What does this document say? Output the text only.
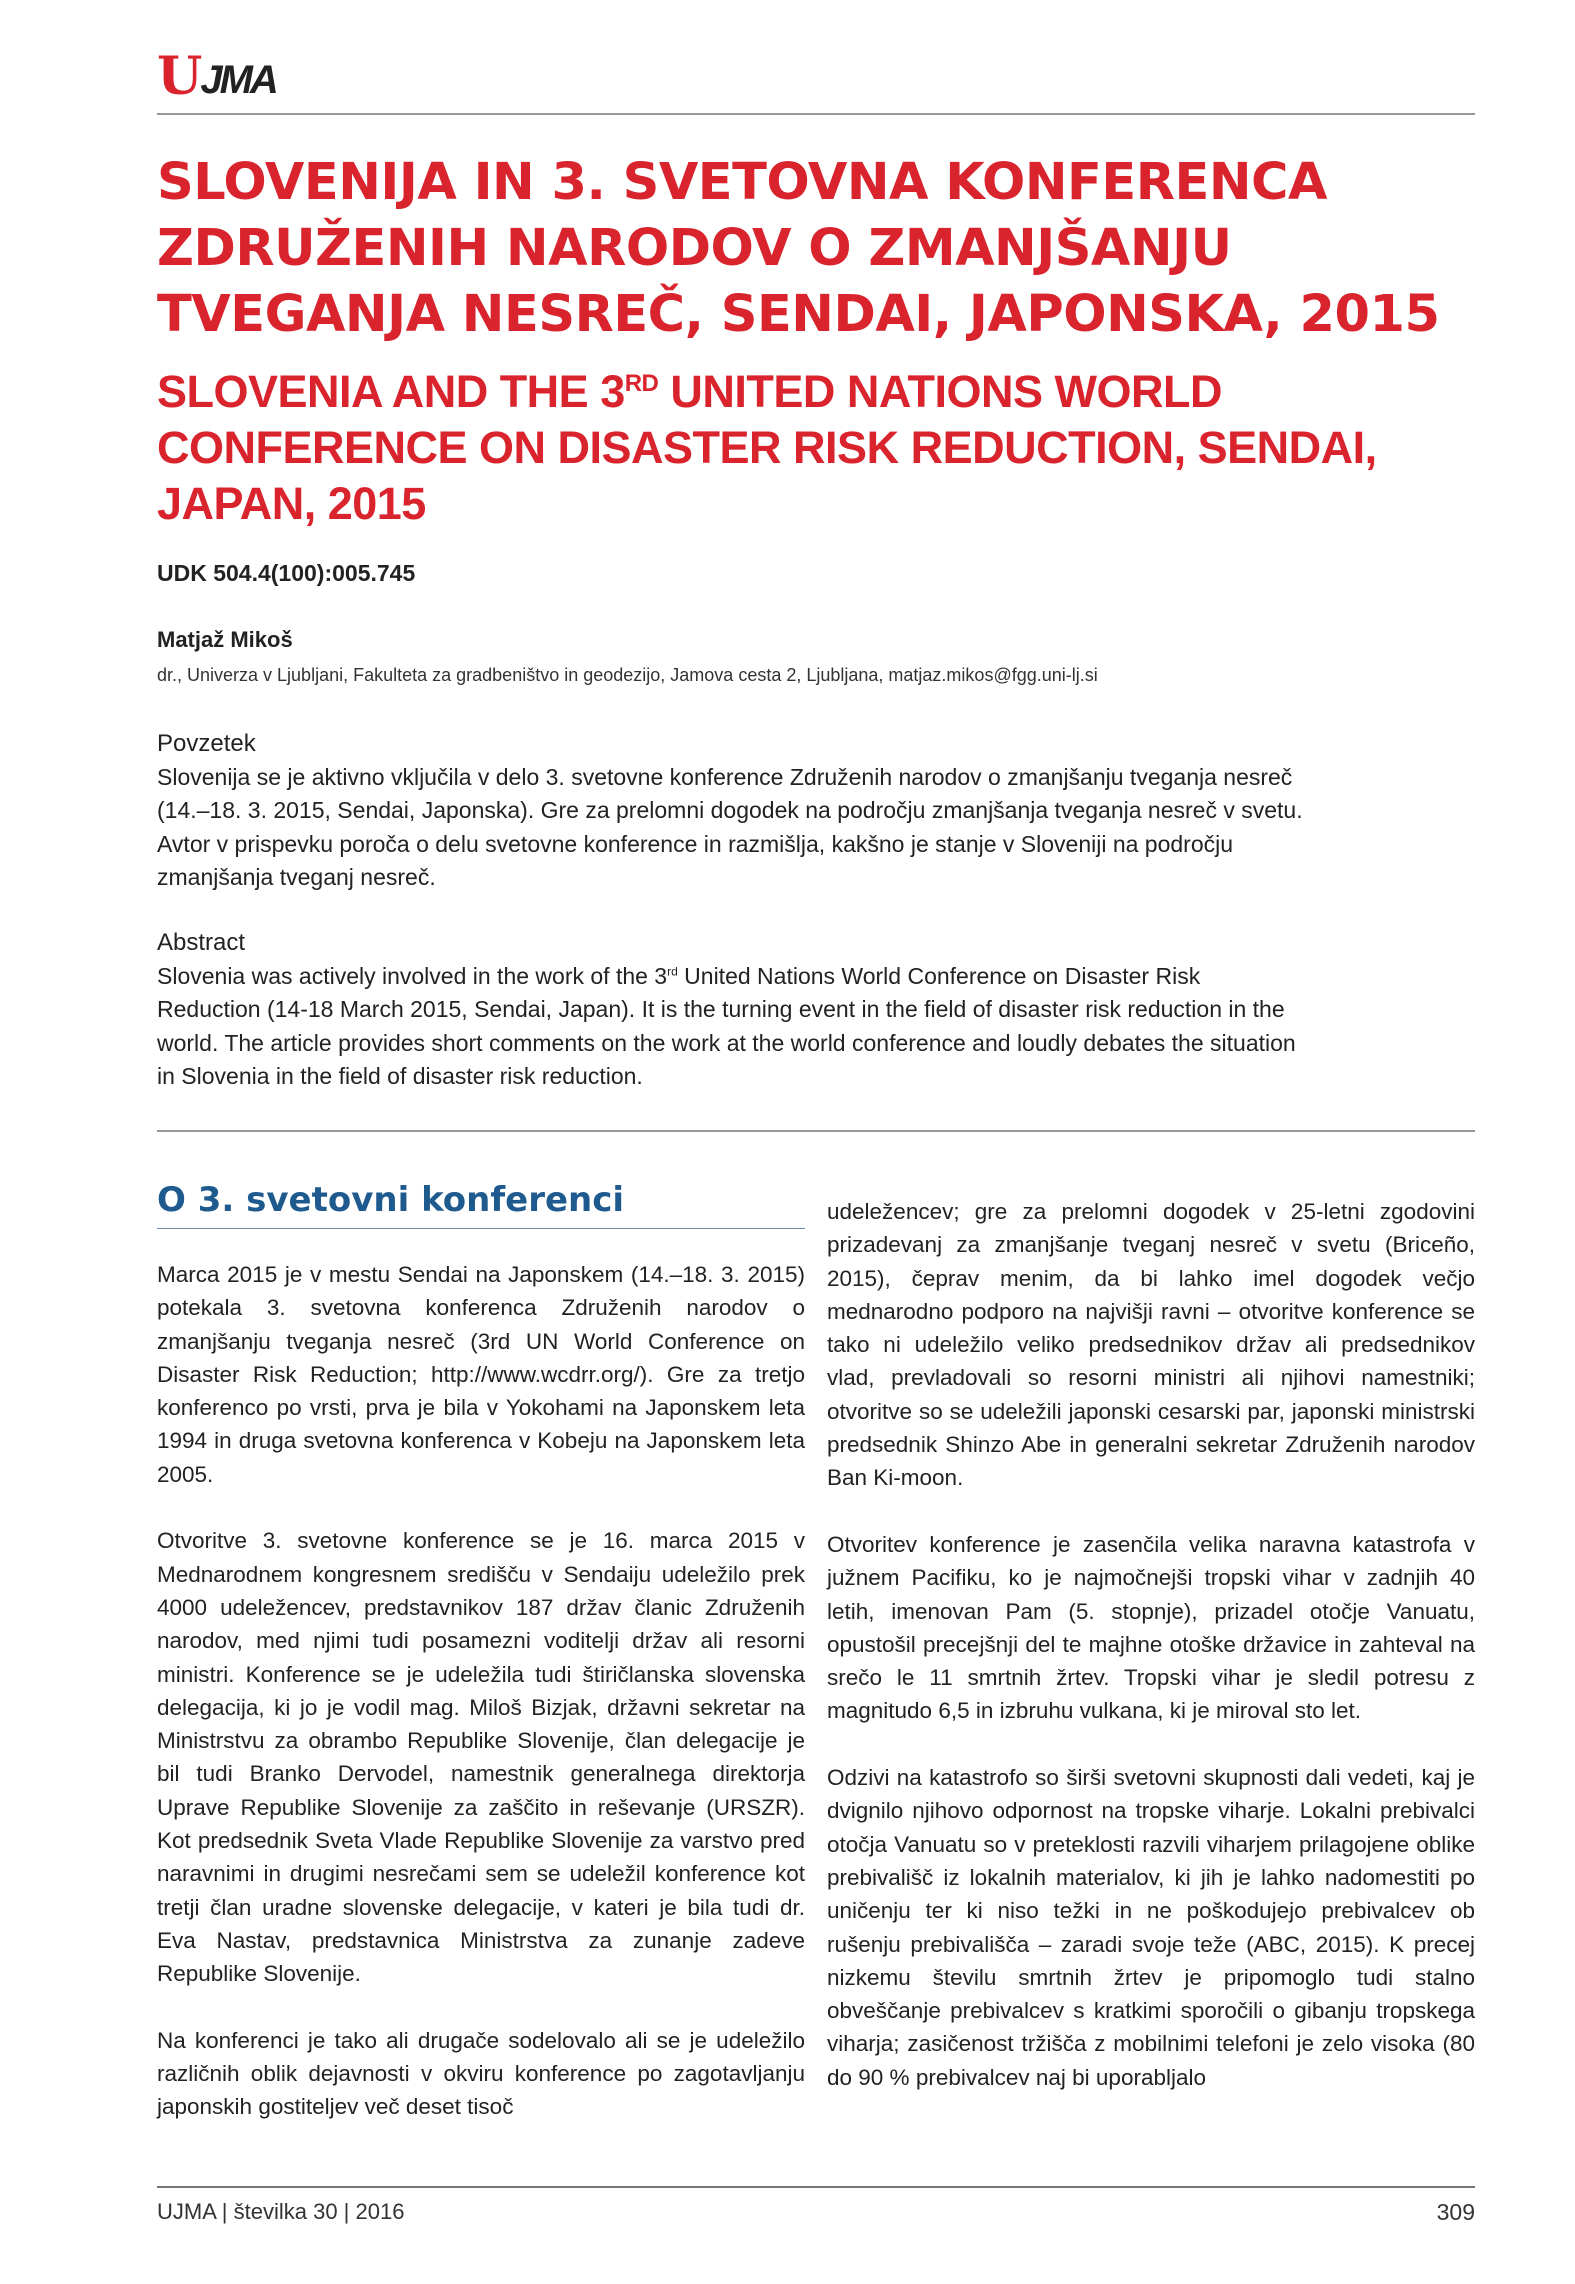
UJMA
SLOVENIJA IN 3. SVETOVNA KONFERENCA ZDRUŽENIH NARODOV O ZMANJŠANJU TVEGANJA NESREČ, SENDAI, JAPONSKA, 2015
SLOVENIA AND THE 3RD UNITED NATIONS WORLD CONFERENCE ON DISASTER RISK REDUCTION, SENDAI, JAPAN, 2015
UDK 504.4(100):005.745
Matjaž Mikoš
dr., Univerza v Ljubljani, Fakulteta za gradbeništvo in geodezijo, Jamova cesta 2, Ljubljana, matjaz.mikos@fgg.uni-lj.si
Povzetek
Slovenija se je aktivno vključila v delo 3. svetovne konference Združenih narodov o zmanjšanju tveganja nesreč (14.–18. 3. 2015, Sendai, Japonska). Gre za prelomni dogodek na področju zmanjšanja tveganja nesreč v svetu. Avtor v prispevku poroča o delu svetovne konference in razmišlja, kakšno je stanje v Sloveniji na področju zmanjšanja tveganj nesreč.
Abstract
Slovenia was actively involved in the work of the 3rd United Nations World Conference on Disaster Risk Reduction (14-18 March 2015, Sendai, Japan). It is the turning event in the field of disaster risk reduction in the world. The article provides short comments on the work at the world conference and loudly debates the situation in Slovenia in the field of disaster risk reduction.
O 3. svetovni konferenci

Marca 2015 je v mestu Sendai na Japonskem (14.–18. 3. 2015) potekala 3. svetovna konferenca Združenih narodov o zmanjšanju tveganja nesreč (3rd UN World Conference on Disaster Risk Reduction; http://www.wcdrr.org/). Gre za tretjo konferenco po vrsti, prva je bila v Yokohami na Japonskem leta 1994 in druga svetovna konferenca v Kobeju na Japonskem leta 2005.

Otvoritve 3. svetovne konference se je 16. marca 2015 v Mednarodnem kongresnem središču v Sendaiju udeležilo prek 4000 udeležencev, predstavnikov 187 držav članic Združenih narodov, med njimi tudi posamezni voditelji držav ali resorni ministri. Konference se je udeležila tudi štiričlanska slovenska delegacija, ki jo je vodil mag. Miloš Bizjak, državni sekretar na Ministrstvu za obrambo Republike Slovenije, član delegacije je bil tudi Branko Dervodel, namestnik generalnega direktorja Uprave Republike Slovenije za zaščito in reševanje (URSZR). Kot predsednik Sveta Vlade Republike Slovenije za varstvo pred naravnimi in drugimi nesrečami sem se udeležil konference kot tretji član uradne slovenske delegacije, v kateri je bila tudi dr. Eva Nastav, predstavnica Ministrstva za zunanje zadeve Republike Slovenije.

Na konferenci je tako ali drugače sodelovalo ali se je udeležilo različnih oblik dejavnosti v okviru konference po zagotavljanju japonskih gostiteljev več deset tisoč

udeležencev; gre za prelomni dogodek v 25-letni zgodovini prizadevanj za zmanjšanje tveganj nesreč v svetu (Briceño, 2015), čeprav menim, da bi lahko imel dogodek večjo mednarodno podporo na najvišji ravni – otvoritve konference se tako ni udeležilo veliko predsednikov držav ali predsednikov vlad, prevladovali so resorni ministri ali njihovi namestniki; otvoritve so se udeležili japonski cesarski par, japonski ministrski predsednik Shinzo Abe in generalni sekretar Združenih narodov Ban Ki-moon.

Otvoritev konference je zasenčila velika naravna katastrofa v južnem Pacifiku, ko je najmočnejši tropski vihar v zadnjih 40 letih, imenovan Pam (5. stopnje), prizadel otočje Vanuatu, opustošil precejšnji del te majhne otoške državice in zahteval na srečo le 11 smrtnih žrtev. Tropski vihar je sledil potresu z magnitudo 6,5 in izbruhu vulkana, ki je miroval sto let.

Odzivi na katastrofo so širši svetovni skupnosti dali vedeti, kaj je dvignilo njihovo odpornost na tropske viharje. Lokalni prebivalci otočja Vanuatu so v preteklosti razvili viharjem prilagojene oblike prebivališč iz lokalnih materialov, ki jih je lahko nadomestiti po uničenju ter ki niso težki in ne poškodujejo prebivalcev ob rušenju prebivališča – zaradi svoje teže (ABC, 2015). K precej nizkemu številu smrtnih žrtev je pripomoglo tudi stalno obveščanje prebivalcev s kratkimi sporočili o gibanju tropskega viharja; zasičenost tržišča z mobilnimi telefoni je zelo visoka (80 do 90 % prebivalcev naj bi uporabljalo

UJMA | številka 30 | 2016	309
